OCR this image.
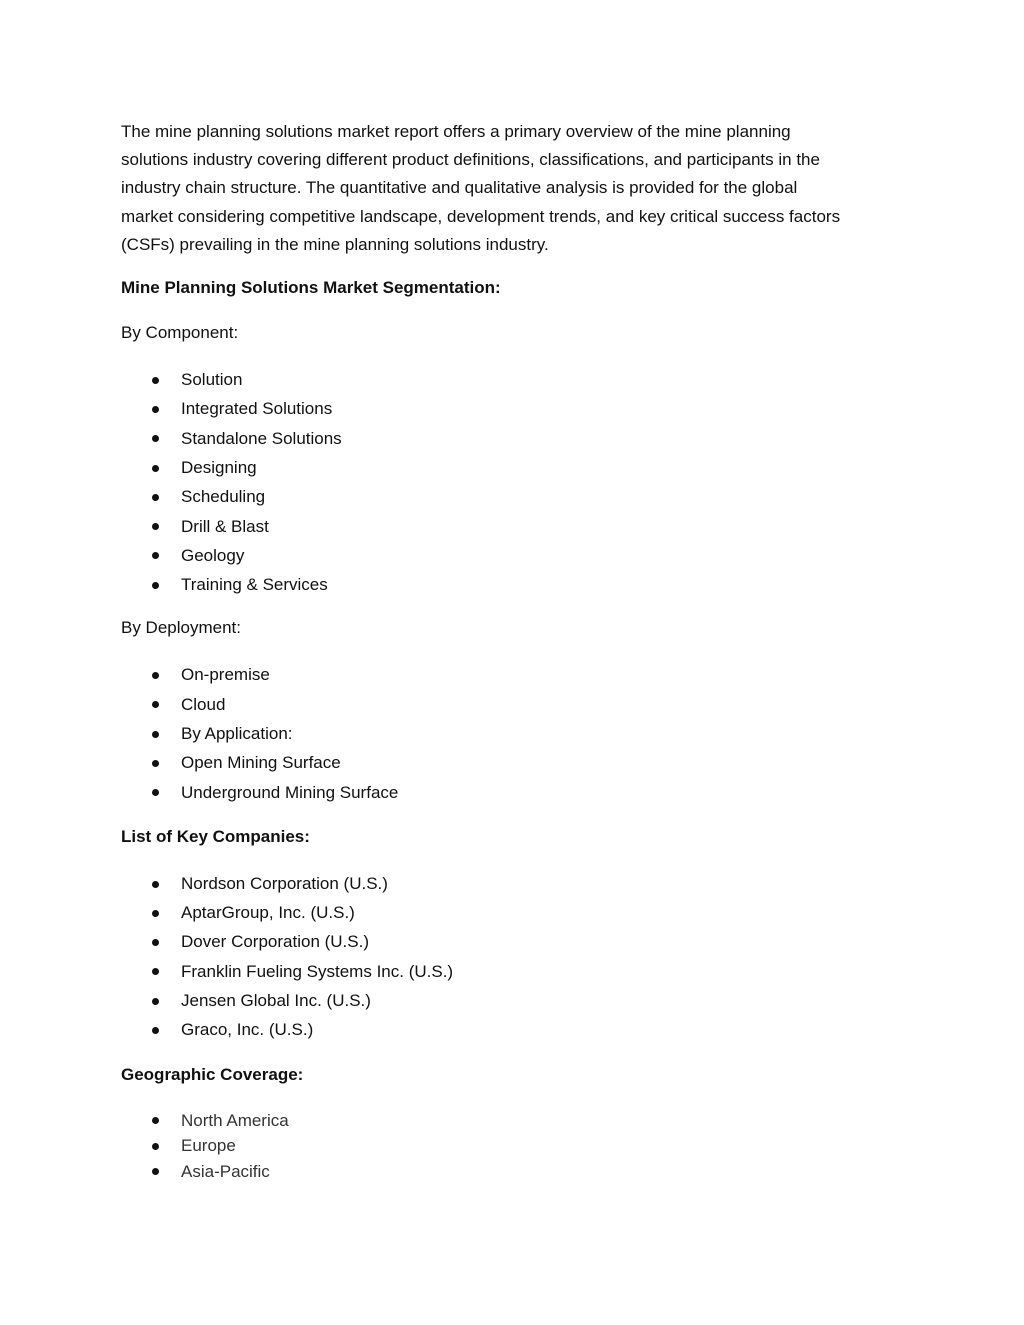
The mine planning solutions market report offers a primary overview of the mine planning
solutions industry covering different product definitions, classifications, and participants in the
industry chain structure. The quantitative and qualitative analysis is provided for the global
market considering competitive landscape, development trends, and key critical success factors
(CSFs) prevailing in the mine planning solutions industry.
Mine Planning Solutions Market Segmentation:
By Component:
Solution
Integrated Solutions
Standalone Solutions
Designing
Scheduling
Drill & Blast
Geology
Training & Services
By Deployment:
On-premise
Cloud
By Application:
Open Mining Surface
Underground Mining Surface
List of Key Companies:
Nordson Corporation (U.S.)
AptarGroup, Inc. (U.S.)
Dover Corporation (U.S.)
Franklin Fueling Systems Inc. (U.S.)
Jensen Global Inc. (U.S.)
Graco, Inc. (U.S.)
Geographic Coverage:
North America
Europe
Asia-Pacific
